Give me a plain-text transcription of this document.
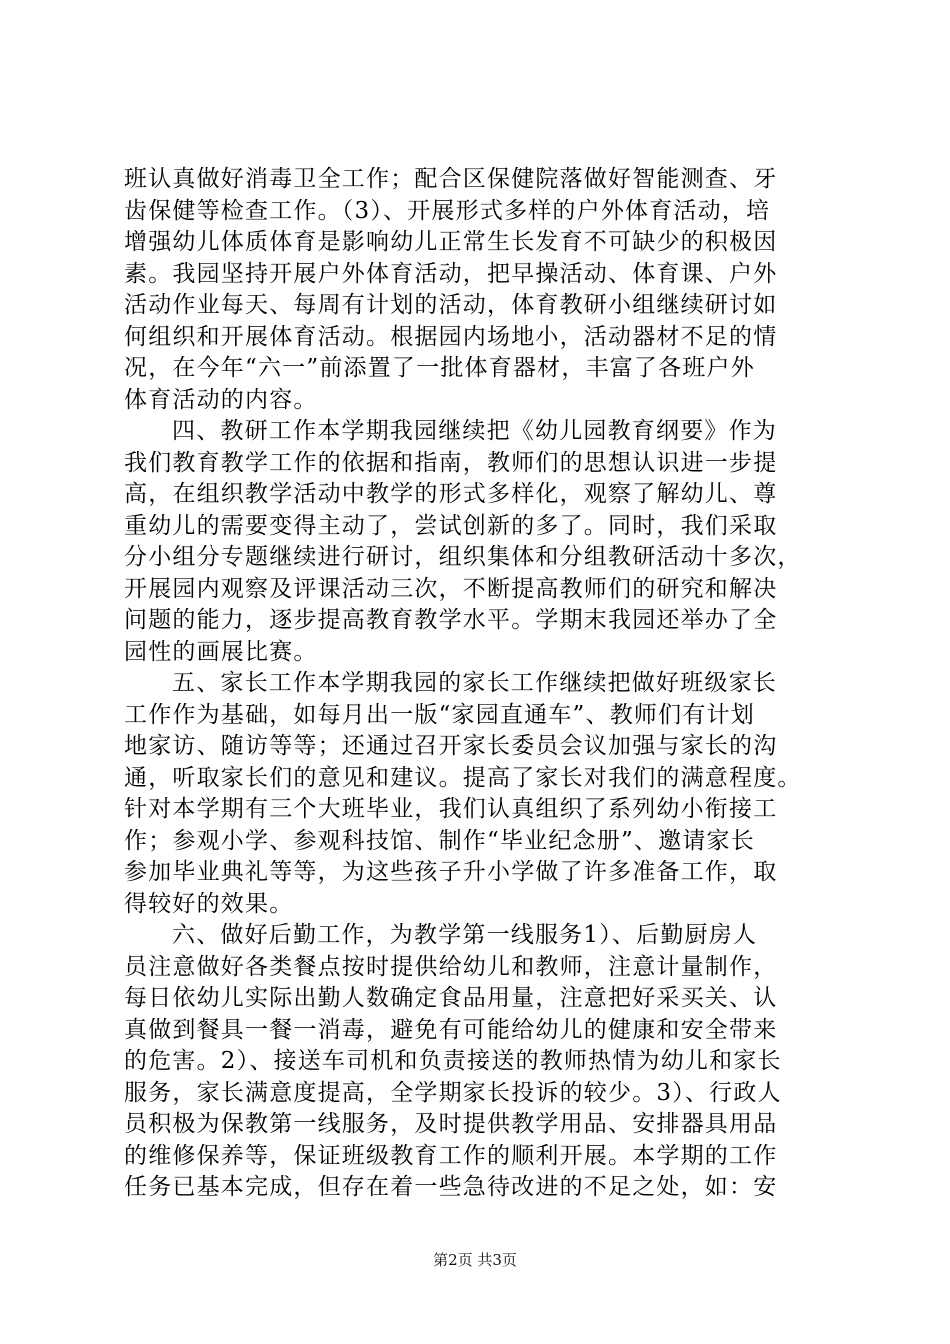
班认真做好消毒卫全工作；配合区保健院落做好智能测查、牙
齿保健等检查工作。（3）、开展形式多样的户外体育活动，培
增强幼儿体质体育是影响幼儿正常生长发育不可缺少的积极因
素。我园坚持开展户外体育活动，把早操活动、体育课、户外
活动作业每天、每周有计划的活动，体育教研小组继续研讨如
何组织和开展体育活动。根据园内场地小，活动器材不足的情
况，在今年“六一”前添置了一批体育器材，丰富了各班户外
体育活动的内容。
四、教研工作本学期我园继续把《幼儿园教育纲要》作为
我们教育教学工作的依据和指南，教师们的思想认识进一步提
高，在组织教学活动中教学的形式多样化，观察了解幼儿、尊
重幼儿的需要变得主动了，尝试创新的多了。同时，我们采取
分小组分专题继续进行研讨，组织集体和分组教研活动十多次，
开展园内观察及评课活动三次，不断提高教师们的研究和解决
问题的能力，逐步提高教育教学水平。学期末我园还举办了全
园性的画展比赛。
五、家长工作本学期我园的家长工作继续把做好班级家长
工作作为基础，如每月出一版“家园直通车”、教师们有计划
地家访、随访等等；还通过召开家长委员会议加强与家长的沟
通，听取家长们的意见和建议。提高了家长对我们的满意程度。
针对本学期有三个大班毕业，我们认真组织了系列幼小衔接工
作；参观小学、参观科技馆、制作“毕业纪念册”、邀请家长
参加毕业典礼等等，为这些孩子升小学做了许多准备工作，取
得较好的效果。
六、做好后勤工作，为教学第一线服务1）、后勤厨房人
员注意做好各类餐点按时提供给幼儿和教师，注意计量制作，
每日依幼儿实际出勤人数确定食品用量，注意把好采买关、认
真做到餐具一餐一消毒，避免有可能给幼儿的健康和安全带来
的危害。2）、接送车司机和负责接送的教师热情为幼儿和家长
服务，家长满意度提高，全学期家长投诉的较少。3）、行政人
员积极为保教第一线服务，及时提供教学用品、安排器具用品
的维修保养等，保证班级教育工作的顺利开展。本学期的工作
任务已基本完成，但存在着一些急待改进的不足之处，如：安
第2页 共3页
